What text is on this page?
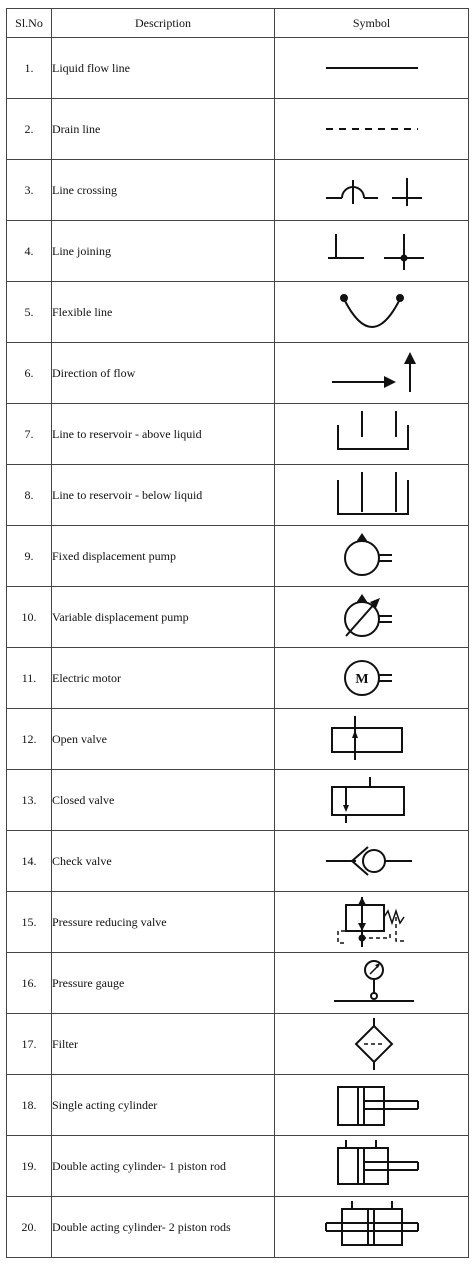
Sl.No	Description	Symbol
1.	Liquid flow line	

2.	Drain line	

3.	Line crossing	

4.	Line joining	

5.	Flexible line	

6.	Direction of flow	

7.	Line to reservoir - above liquid	

8.	Line to reservoir - below liquid	

9.	Fixed displacement pump	

10.	Variable displacement pump	

11.	Electric motor	M

12.	Open valve	

13.	Closed valve	

14.	Check valve	

15.	Pressure reducing valve	

16.	Pressure gauge	

17.	Filter	

18.	Single acting cylinder	

19.	Double acting cylinder- 1 piston rod	

20.	Double acting cylinder- 2 piston rods	
